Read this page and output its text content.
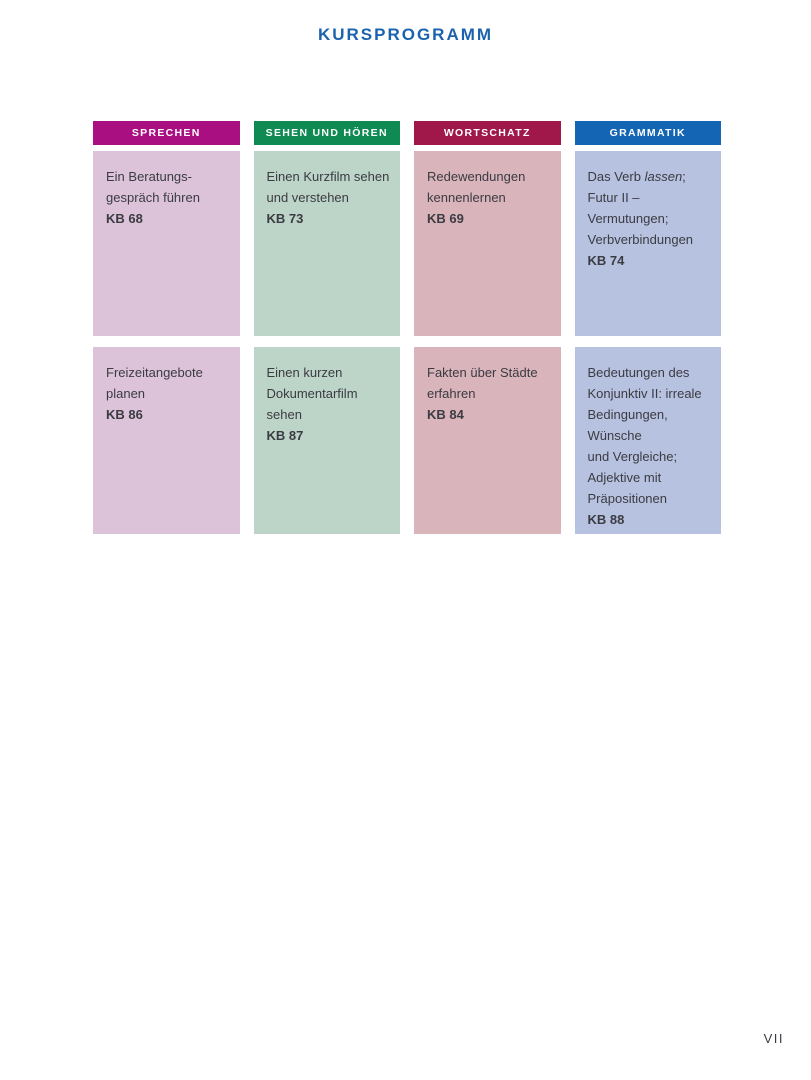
KURSPROGRAMM
SPRECHEN
Ein Beratungs-
gespräch führen
KB 68
Freizeitangebote
planen
KB 86
SEHEN UND HÖREN
Einen Kurzfilm sehen
und verstehen
KB 73
Einen kurzen
Dokumentarfilm
sehen
KB 87
WORTSCHATZ
Redewendungen
kennenlernen
KB 69
Fakten über Städte
erfahren
KB 84
GRAMMATIK
Das Verb lassen;
Futur II –
Vermutungen;
Verbverbindungen
KB 74
Bedeutungen des
Konjunktiv II: irreale
Bedingungen, Wünsche
und Vergleiche;
Adjektive mit
Präpositionen
KB 88
VII
